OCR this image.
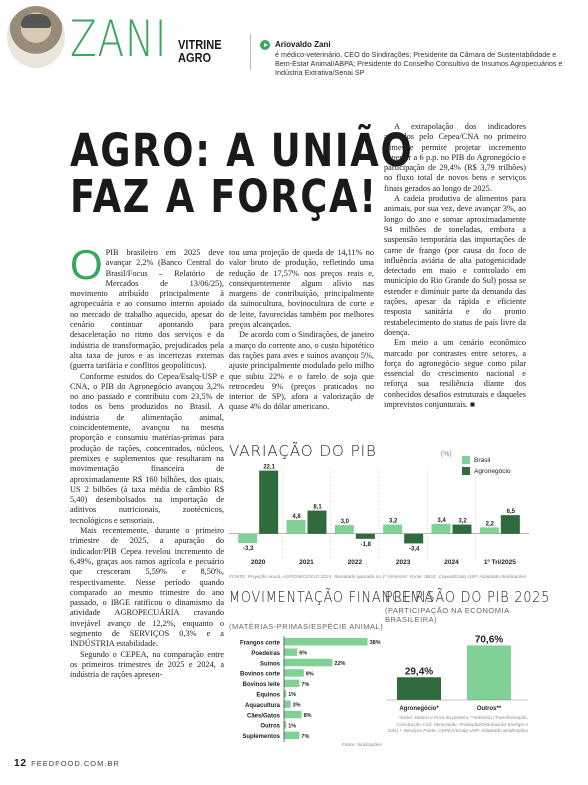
ZANI VITRINE
AGRO
Ariovaldo Zani
é médico-veterinário, CEO do Sindirações; Presidente da Câmara de Sustentabilidade e Bem-Estar Animal/ABPA; Presidente do Conselho Consultivo de Insumos Agropecuários e Indústria Extrativa/Senai SP
AGRO: A UNIÃO
FAZ A FORÇA!

OPIB brasileiro em 2025 deve avançar 2,2% (Banco Central do Brasil/Focus – Relatório de Mercados de 13/06/25), movimento atribuído principalmente à agropecuária e ao consumo interno apoiado no mercado de trabalho aquecido, apesar do cenário continuar apontando para desaceleração no ritmo dos serviços e da indústria de transformação, prejudicados pela alta taxa de juros e as incertezas externas (guerra tarifária e conflitos geopolíticos).

Conforme estudos do Cepea/Esalq-USP e CNA, o PIB do Agronegócio avançou 3,2% no ano passado e contribuiu com 23,5% de todos os bens produzidos no Brasil. A indústria de alimentação animal, coincidentemente, avançou na mesma proporção e consumiu matérias-primas para produção de rações, concentrados, núcleos, premixes e suplementos que resultaram na movimentação financeira de aproximadamente R$ 160 bilhões, dos quais, US 2 bilhões (à taxa média de câmbio R$ 5,40) desembolsados na importação de aditivos nutricionais, zootécnicos, tecnológicos e sensoriais.

Mais recentemente, durante o primeiro trimestre de 2025, a apuração do indicador/PIB Cepea revelou incremento de 6,49%, graças aos ramos agrícola e pecuário que cresceram 5,59% e 8,50%, respectivamente. Nesse período quando comparado ao mesmo trimestre do ano passado, o IBGE ratificou o dinamismo da atividade AGROPECUÁRIA cravando invejável avanço de 12,2%, enquanto o segmento de SERVIÇOS 0,3% e a INDÚSTRIA estabilidade.

Segundo o CEPEA, na comparação entre os primeiros trimestres de 2025 e 2024, a indústria de rações apresen-

tou uma projeção de queda de 14,11% no valor bruto de produção, refletindo uma redução de 17,57% nos preços reais e, consequentemente algum alívio nas margens de contribuição, principalmente da suinocultura, bovinocultura de corte e de leite, favorecidas também por melhores preços alcançados.

De acordo com o Sindirações, de janeiro a março do corrente ano, o custo hipotético das rações para aves e suínos avançou 5%, ajuste principalmente modulado pelo milho que subiu 22% e o farelo de soja que retrocedeu 9% (preços praticados no interior de SP), afora a valorização de quase 4% do dólar americano.

A extrapolação dos indicadores apurados pelo Cepea/CNA no primeiro trimestre permite projetar incremento superior a 6 p.p. no PIB do Agronegócio e participação de 29,4% (R$ 3,79 trilhões) no fluxo total de novos bens e serviços finais gerados ao longo de 2025.

A cadeia produtiva de alimentos para animais, por sua vez, deve avançar 3%, ao longo do ano e somar aproximadamente 94 milhões de toneladas, embora a suspensão temporária das importações de carne de frango (por causa do foco de influência aviária de alta patogenicidade detectado em maio e controlado em município do Rio Grande do Sul) possa se estender e diminuir parte da demanda das rações, apesar da rápida e eficiente resposta sanitária e do pronto restabelecimento do status de país livre da doença.

Em meio a um cenário econômico marcado por contrastes entre setores, a força do agronegócio segue como pilar essencial do crescimento nacional e reforça sua resiliência diante dos conhecidos desafios estruturais e daqueles imprevistos conjunturais. ■

VARIAÇÃO DO PIB	(%)
Brasil
Agronegócio
-3,3
22,1
2020
4,8
8,1
2021
3,0
-1,8
2022
3,2
-3,4
2023
3,4 3,2
2024
2,2
6,5
1º Tri/2025
FONTE: Projeção anual, AGRONEGÓCIO 2024. Resultado apurado no 1º trimestre: Fonte: IBGE, Cepea/Esalq-USP. Adaptado Sindirações
MOVIMENTAÇÃO FINANCEIRA
(MATÉRIAS-PRIMAS/ESPÉCIE ANIMAL)
Frangos corte	38%
Poedeiras	6%
Suínos	22%
Bovinos corte	9%
Bovinos leite	7%
Equinos 1%
Aquacultura 3%
Cães/Gatos	8%
Outros 1%
Suplementos	7%
Fonte: Sindirações
PREVISÃO DO PIB 2025
(PARTICIPAÇÃO NA ECONOMIA BRASILEIRA)
29,4%
Agronegócio*
70,6%
Outros**
*Inclui: Dentro e Fora da porteira **Indústria (Transformação, Construção Civil, Mineração, Produção/Distribuição Energia e Gás) + Serviços Fonte: CEPEA/Esalq-USP. Adaptado Sindirações
12 FEEDFOOD.COM.BR
